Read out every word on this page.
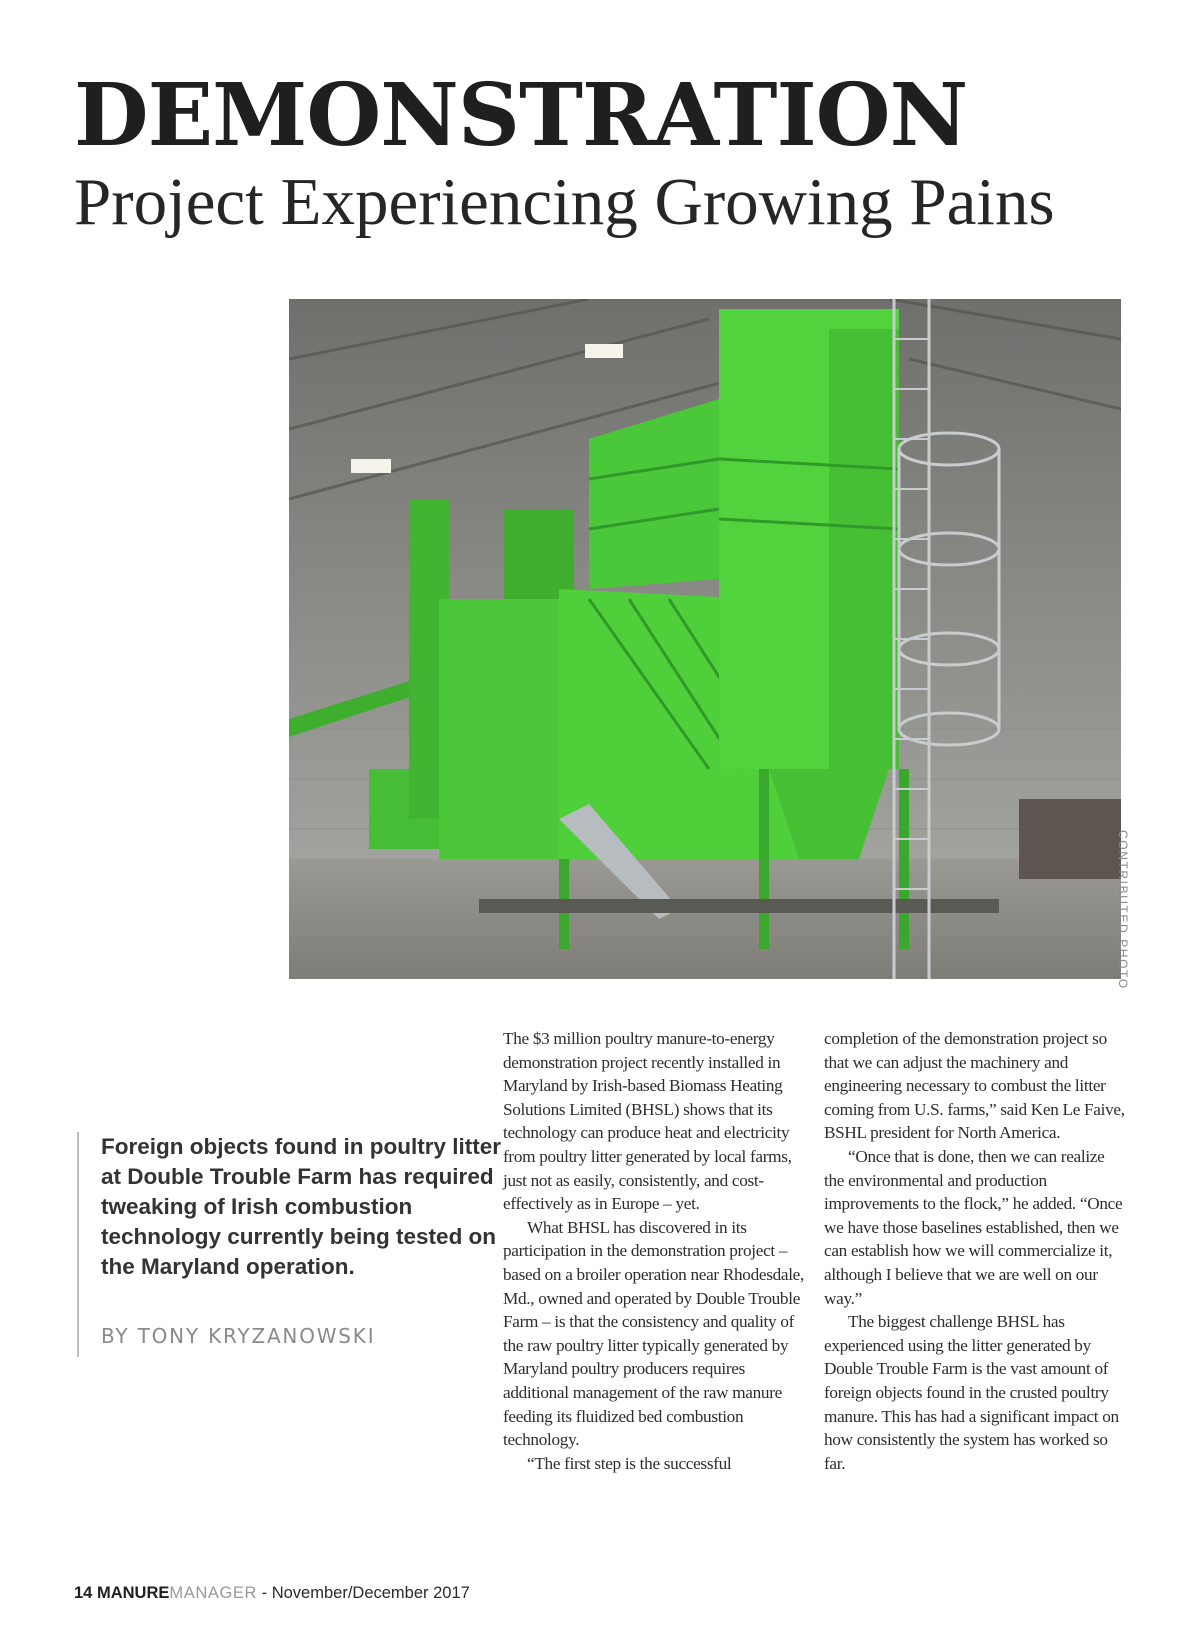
DEMONSTRATION
Project Experiencing Growing Pains
CONTRIBUTED PHOTO
Foreign objects found in poultry litter at Double Trouble Farm has required tweaking of Irish combustion technology currently being tested on the Maryland operation.
BY TONY KRYZANOWSKI

The $3 million poultry manure-to-energy demonstration project recently installed in Maryland by Irish-based Biomass Heating Solutions Limited (BHSL) shows that its technology can produce heat and electricity from poultry litter generated by local farms, just not as easily, consistently, and cost-effectively as in Europe – yet.

What BHSL has discovered in its participation in the demonstration project – based on a broiler operation near Rhodesdale, Md., owned and operated by Double Trouble Farm – is that the consistency and quality of the raw poultry litter typically generated by Maryland poultry producers requires additional management of the raw manure feeding its fluidized bed combustion technology.

“The first step is the successful

completion of the demonstration project so that we can adjust the machinery and engineering necessary to combust the litter coming from U.S. farms,” said Ken Le Faive, BSHL president for North America.

“Once that is done, then we can realize the environmental and production improvements to the flock,” he added. “Once we have those baselines established, then we can establish how we will commercialize it, although I believe that we are well on our way.”

The biggest challenge BHSL has experienced using the litter generated by Double Trouble Farm is the vast amount of foreign objects found in the crusted poultry manure. This has had a significant impact on how consistently the system has worked so far.

14 MANUREMANAGER - November/December 2017
